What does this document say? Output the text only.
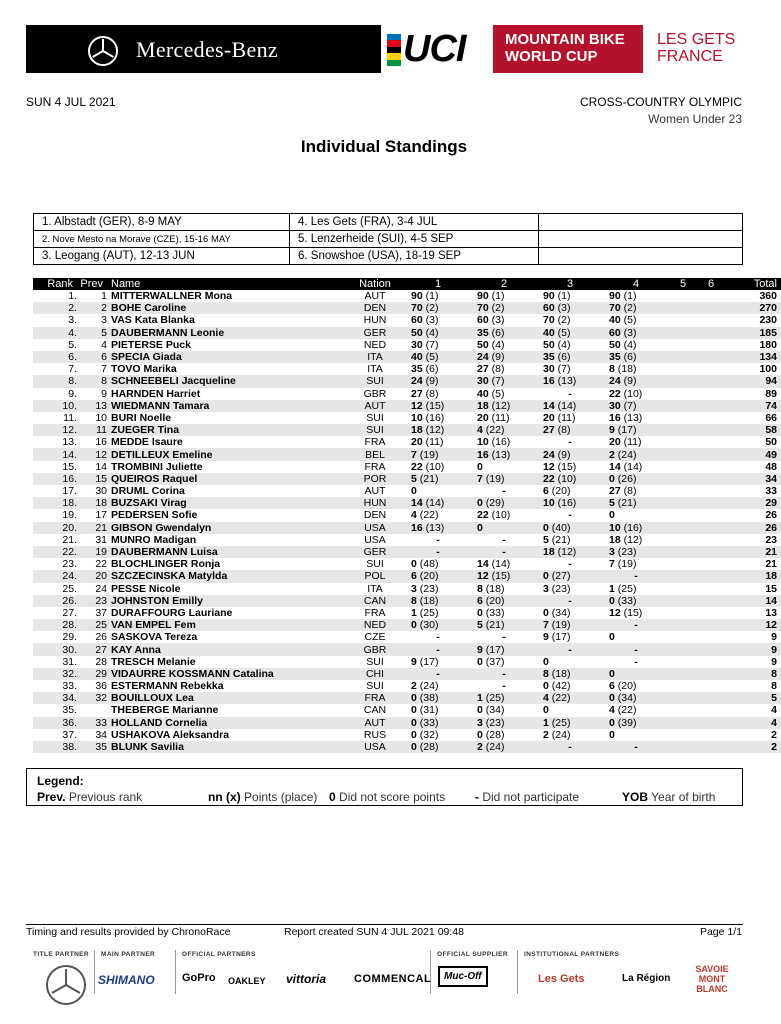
Mercedes-Benz	UCI	MOUNTAIN BIKE
WORLD CUP
LES GETS
FRANCE
SUN 4 JUL 2021	CROSS-COUNTRY OLYMPIC
Women Under 23
Individual Standings
1. Albstadt (GER), 8-9 MAY	4. Les Gets (FRA), 3-4 JUL	
2. Nove Mesto na Morave (CZE), 15-16 MAY	5. Lenzerheide (SUI), 4-5 SEP	
3. Leogang (AUT), 12-13 JUN	6. Snowshoe (USA), 18-19 SEP	
Rank	Prev	Name	Nation	1	2	3	4	5	6	Total
1.	1	MITTERWALLNER Mona	AUT	90 (1)	90 (1)	90 (1)	90 (1)			360
2.	2	BOHE Caroline	DEN	70 (2)	70 (2)	60 (3)	70 (2)			270
3.	3	VAS Kata Blanka	HUN	60 (3)	60 (3)	70 (2)	40 (5)			230
4.	5	DAUBERMANN Leonie	GER	50 (4)	35 (6)	40 (5)	60 (3)			185
5.	4	PIETERSE Puck	NED	30 (7)	50 (4)	50 (4)	50 (4)			180
6.	6	SPECIA Giada	ITA	40 (5)	24 (9)	35 (6)	35 (6)			134
7.	7	TOVO Marika	ITA	35 (6)	27 (8)	30 (7)	8 (18)			100
8.	8	SCHNEEBELI Jacqueline	SUI	24 (9)	30 (7)	16 (13)	24 (9)			94
9.	9	HARNDEN Harriet	GBR	27 (8)	40 (5)	-	22 (10)			89
10.	13	WIEDMANN Tamara	AUT	12 (15)	18 (12)	14 (14)	30 (7)			74
11.	10	BURI Noelle	SUI	10 (16)	20 (11)	20 (11)	16 (13)			66
12.	11	ZUEGER Tina	SUI	18 (12)	4 (22)	27 (8)	9 (17)			58
13.	16	MEDDE Isaure	FRA	20 (11)	10 (16)	-	20 (11)			50
14.	12	DETILLEUX Emeline	BEL	7 (19)	16 (13)	24 (9)	2 (24)			49
15.	14	TROMBINI Juliette	FRA	22 (10)	0	12 (15)	14 (14)			48
16.	15	QUEIROS Raquel	POR	5 (21)	7 (19)	22 (10)	0 (26)			34
17.	30	DRUML Corina	AUT	0	-	6 (20)	27 (8)			33
18.	18	BUZSAKI Virag	HUN	14 (14)	0 (29)	10 (16)	5 (21)			29
19.	17	PEDERSEN Sofie	DEN	4 (22)	22 (10)	-	0			26
20.	21	GIBSON Gwendalyn	USA	16 (13)	0	0 (40)	10 (16)			26
21.	31	MUNRO Madigan	USA	-	-	5 (21)	18 (12)			23
22.	19	DAUBERMANN Luisa	GER	-	-	18 (12)	3 (23)			21
23.	22	BLOCHLINGER Ronja	SUI	0 (48)	14 (14)	-	7 (19)			21
24.	20	SZCZECINSKA Matylda	POL	6 (20)	12 (15)	0 (27)	-			18
25.	24	PESSE Nicole	ITA	3 (23)	8 (18)	3 (23)	1 (25)			15
26.	23	JOHNSTON Emilly	CAN	8 (18)	6 (20)	-	0 (33)			14
27.	37	DURAFFOURG Lauriane	FRA	1 (25)	0 (33)	0 (34)	12 (15)			13
28.	25	VAN EMPEL Fem	NED	0 (30)	5 (21)	7 (19)	-			12
29.	26	SASKOVA Tereza	CZE	-	-	9 (17)	0			9
30.	27	KAY Anna	GBR	-	9 (17)	-	-			9
31.	28	TRESCH Melanie	SUI	9 (17)	0 (37)	0	-			9
32.	29	VIDAURRE KOSSMANN Catalina	CHI	-	-	8 (18)	0			8
33.	36	ESTERMANN Rebekka	SUI	2 (24)	-	0 (42)	6 (20)			8
34.	32	BOUILLOUX Lea	FRA	0 (38)	1 (25)	4 (22)	0 (34)			5
35.		THEBERGE Marianne	CAN	0 (31)	0 (34)	0	4 (22)			4
36.	33	HOLLAND Cornelia	AUT	0 (33)	3 (23)	1 (25)	0 (39)			4
37.	34	USHAKOVA Aleksandra	RUS	0 (32)	0 (28)	2 (24)	0			2
38.	35	BLUNK Savilia	USA	0 (28)	2 (24)	-	-			2
Legend:
Prev. Previous rank	nn (x) Points (place) 0 Did not score points - Did not participate	YOB Year of birth
Timing and results provided by ChronoRace	Report created SUN 4 JUL 2021 09:48	Page 1/1
TITLE PARTNER MAIN PARTNER	OFFICIAL PARTNERS	OFFICIAL SUPPLIER INSTITUTIONAL PARTNERS
SHIMANO GoPro OAKLEY vittoria	COMMENCAL	Muc-Off	Les Gets	La Région
SAVOIE MONT BLANC
